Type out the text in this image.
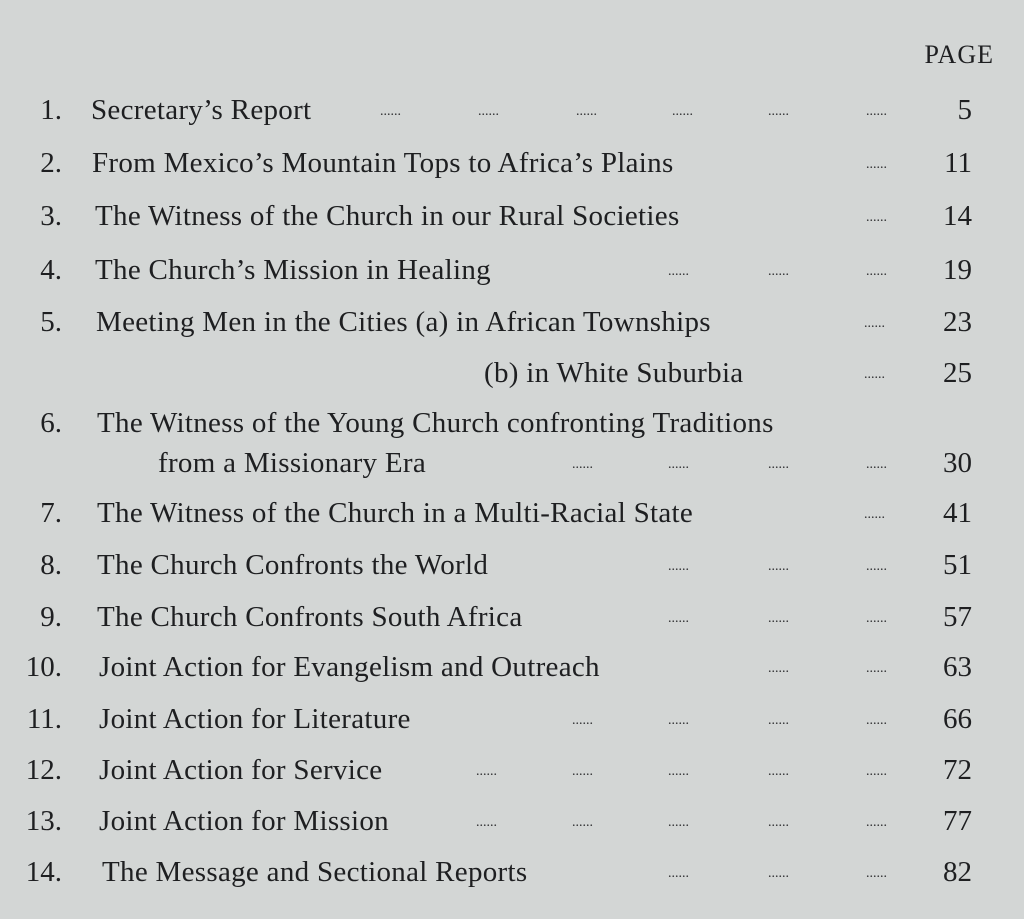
PAGE
1. Secretary’s Report	......	......	......	......	......	...... 5
2. From Mexico’s Mountain Tops to Africa’s Plains	...... 11
3. The Witness of the Church in our Rural Societies	...... 14
4. The Church’s Mission in Healing	......	......	...... 19
5. Meeting Men in the Cities (a) in African Townships	...... 23
(b) in White Suburbia	...... 25
6. The Witness of the Young Church confronting Traditions
from a Missionary Era	......	......	......	...... 30
7. The Witness of the Church in a Multi-Racial State	...... 41
8. The Church Confronts the World	......	......	...... 51
9. The Church Confronts South Africa	......	......	...... 57
10. Joint Action for Evangelism and Outreach	......	...... 63
11. Joint Action for Literature	......	......	......	...... 66
12. Joint Action for Service	......	......	......	......	...... 72
13. Joint Action for Mission	......	......	......	......	...... 77
14. The Message and Sectional Reports	......	......	...... 82
